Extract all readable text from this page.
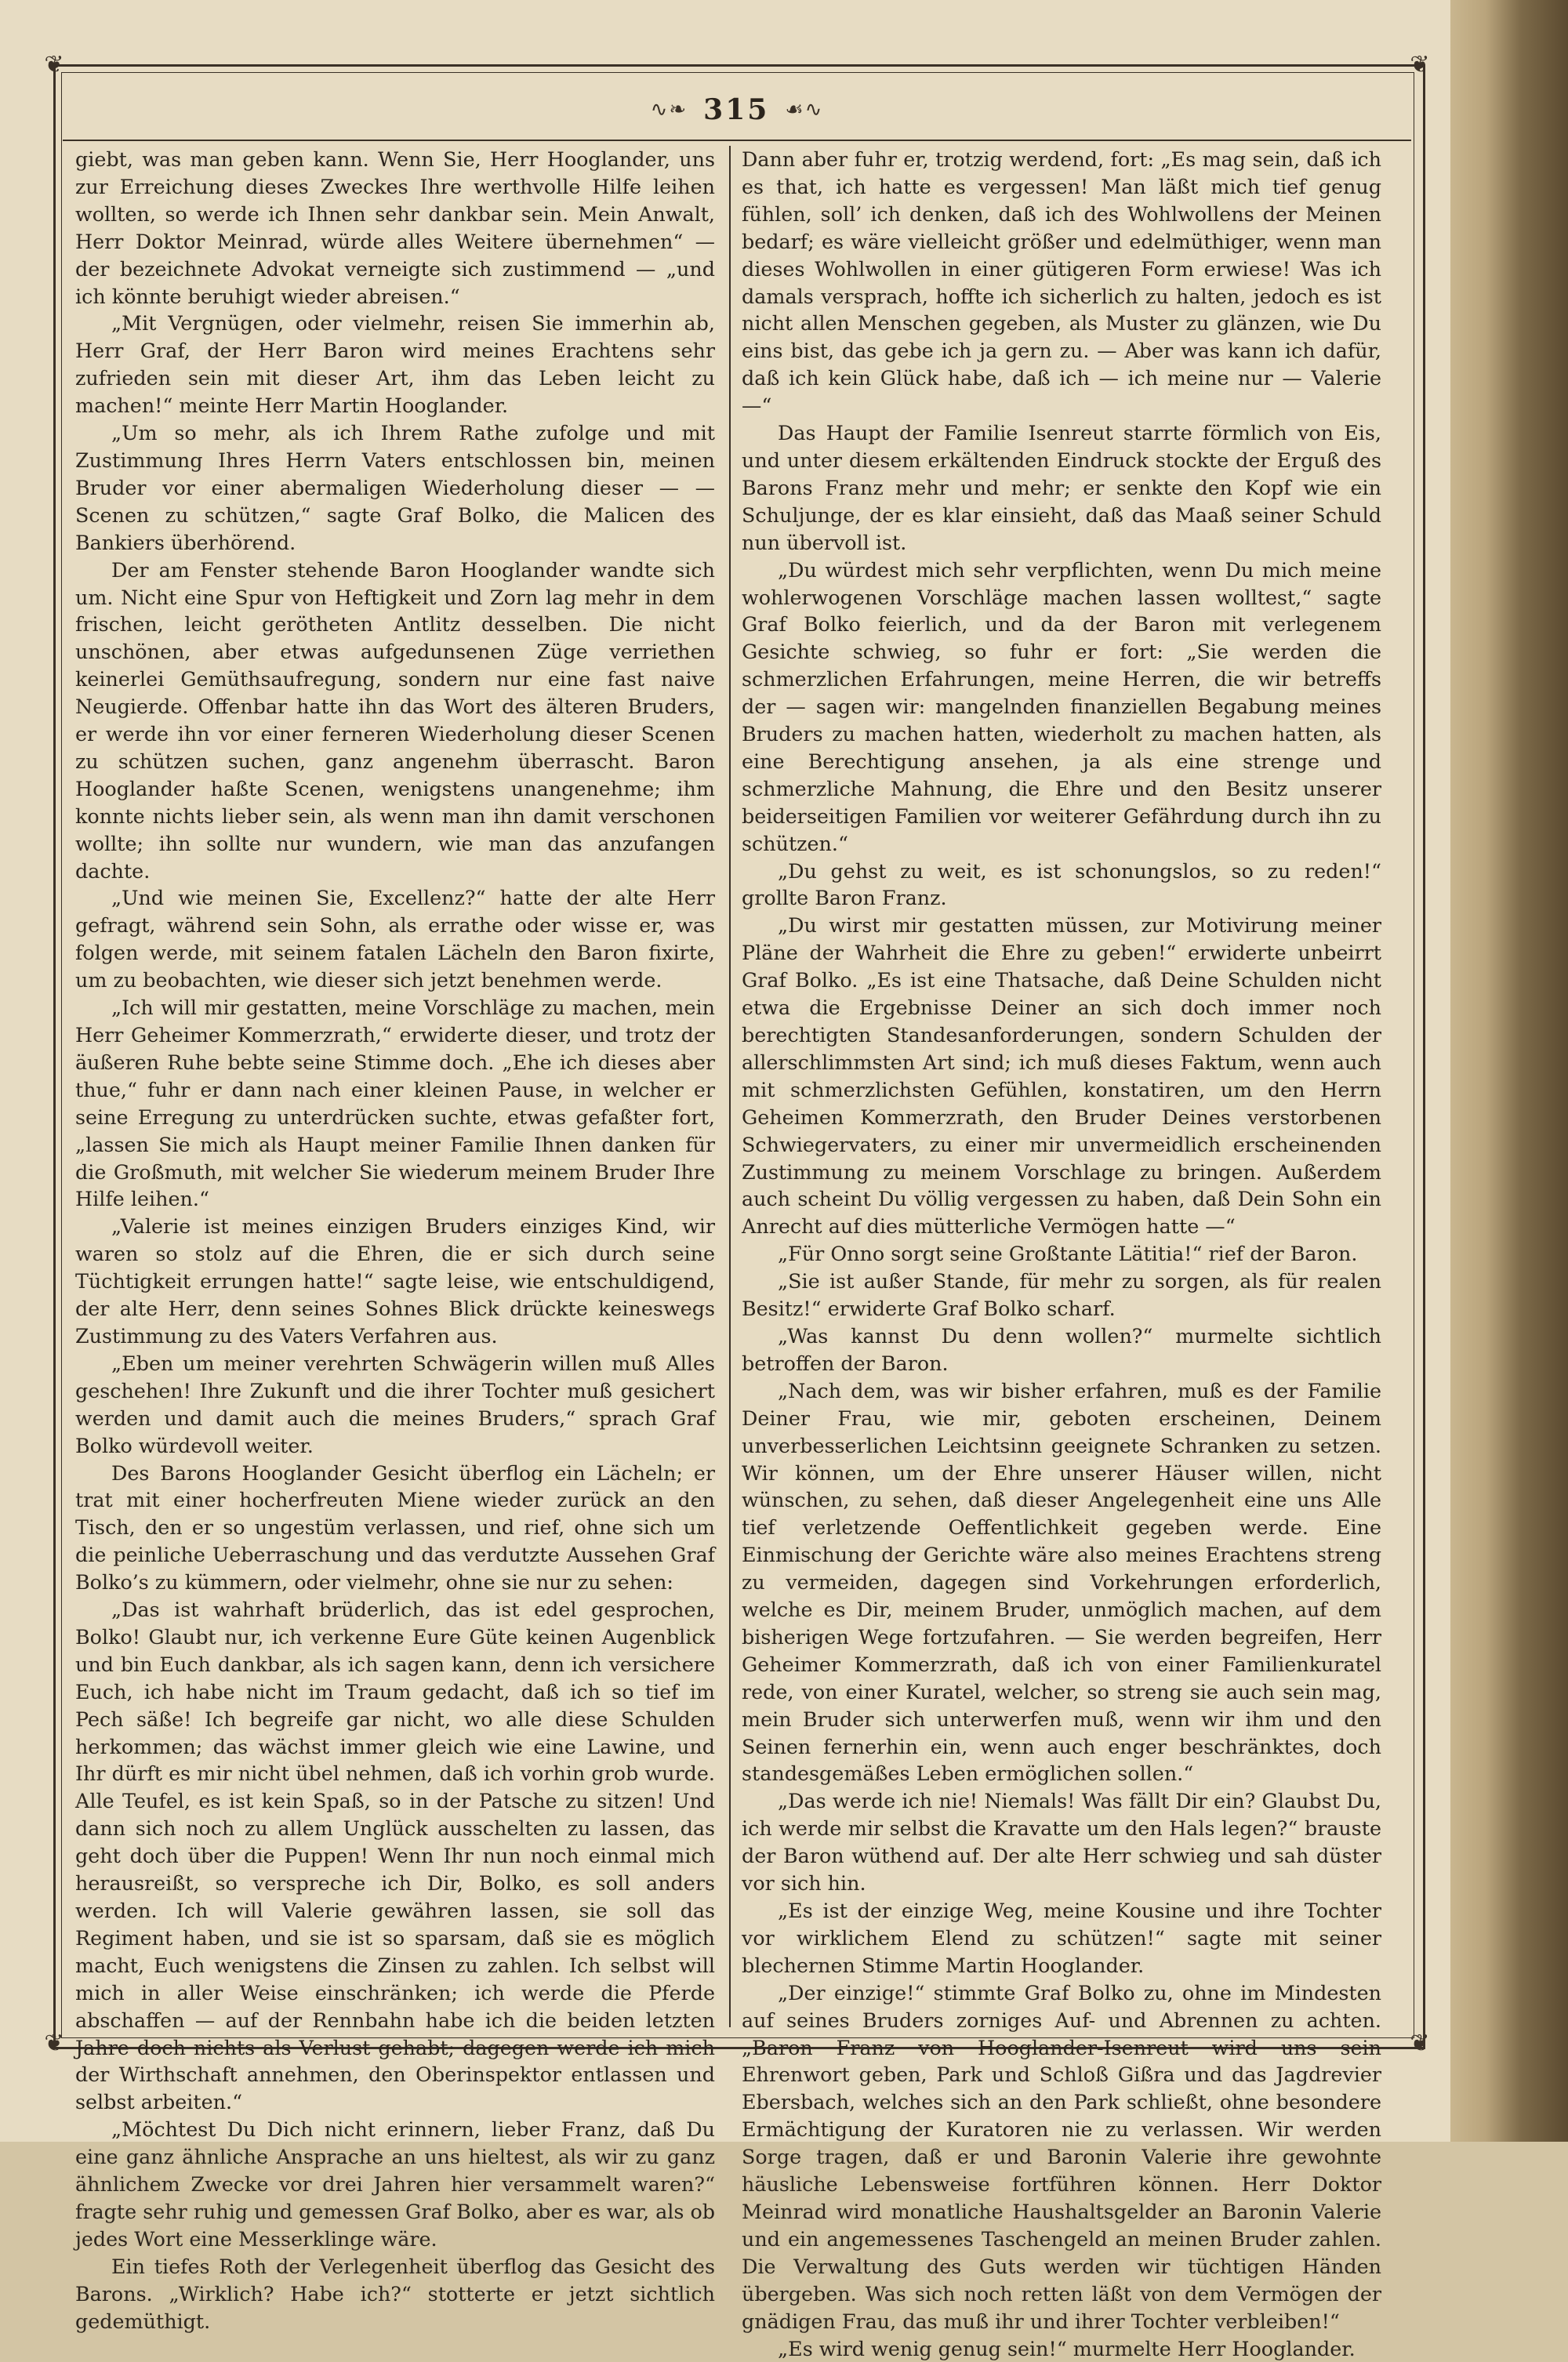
❦	❦
❦	❦
∿❧ 315 ☙∿

giebt, was man geben kann. Wenn Sie, Herr Hooglander, uns zur Erreichung dieses Zweckes Ihre werthvolle Hilfe leihen wollten, so werde ich Ihnen sehr dankbar sein. Mein Anwalt, Herr Doktor Meinrad, würde alles Weitere übernehmen“ — der bezeichnete Advokat verneigte sich zustimmend — „und ich könnte beruhigt wieder abreisen.“

„Mit Vergnügen, oder vielmehr, reisen Sie immerhin ab, Herr Graf, der Herr Baron wird meines Erachtens sehr zufrieden sein mit dieser Art, ihm das Leben leicht zu machen!“ meinte Herr Martin Hooglander.

„Um so mehr, als ich Ihrem Rathe zufolge und mit Zustimmung Ihres Herrn Vaters entschlossen bin, meinen Bruder vor einer abermaligen Wiederholung dieser — — Scenen zu schützen,“ sagte Graf Bolko, die Malicen des Bankiers überhörend.

Der am Fenster stehende Baron Hooglander wandte sich um. Nicht eine Spur von Heftigkeit und Zorn lag mehr in dem frischen, leicht gerötheten Antlitz desselben. Die nicht unschönen, aber etwas aufgedunsenen Züge verriethen keinerlei Gemüthsaufregung, sondern nur eine fast naive Neugierde. Offenbar hatte ihn das Wort des älteren Bruders, er werde ihn vor einer ferneren Wiederholung dieser Scenen zu schützen suchen, ganz angenehm überrascht. Baron Hooglander haßte Scenen, wenigstens unangenehme; ihm konnte nichts lieber sein, als wenn man ihn damit verschonen wollte; ihn sollte nur wundern, wie man das anzufangen dachte.

„Und wie meinen Sie, Excellenz?“ hatte der alte Herr gefragt, während sein Sohn, als errathe oder wisse er, was folgen werde, mit seinem fatalen Lächeln den Baron fixirte, um zu beobachten, wie dieser sich jetzt benehmen werde.

„Ich will mir gestatten, meine Vorschläge zu machen, mein Herr Geheimer Kommerzrath,“ erwiderte dieser, und trotz der äußeren Ruhe bebte seine Stimme doch. „Ehe ich dieses aber thue,“ fuhr er dann nach einer kleinen Pause, in welcher er seine Erregung zu unterdrücken suchte, etwas gefaßter fort, „lassen Sie mich als Haupt meiner Familie Ihnen danken für die Großmuth, mit welcher Sie wiederum meinem Bruder Ihre Hilfe leihen.“

„Valerie ist meines einzigen Bruders einziges Kind, wir waren so stolz auf die Ehren, die er sich durch seine Tüchtigkeit errungen hatte!“ sagte leise, wie entschuldigend, der alte Herr, denn seines Sohnes Blick drückte keineswegs Zustimmung zu des Vaters Verfahren aus.

„Eben um meiner verehrten Schwägerin willen muß Alles geschehen! Ihre Zukunft und die ihrer Tochter muß gesichert werden und damit auch die meines Bruders,“ sprach Graf Bolko würdevoll weiter.

Des Barons Hooglander Gesicht überflog ein Lächeln; er trat mit einer hocherfreuten Miene wieder zurück an den Tisch, den er so ungestüm verlassen, und rief, ohne sich um die peinliche Ueberraschung und das verdutzte Aussehen Graf Bolko’s zu kümmern, oder vielmehr, ohne sie nur zu sehen:

„Das ist wahrhaft brüderlich, das ist edel gesprochen, Bolko! Glaubt nur, ich verkenne Eure Güte keinen Augenblick und bin Euch dankbar, als ich sagen kann, denn ich versichere Euch, ich habe nicht im Traum gedacht, daß ich so tief im Pech säße! Ich begreife gar nicht, wo alle diese Schulden herkommen; das wächst immer gleich wie eine Lawine, und Ihr dürft es mir nicht übel nehmen, daß ich vorhin grob wurde. Alle Teufel, es ist kein Spaß, so in der Patsche zu sitzen! Und dann sich noch zu allem Unglück ausschelten zu lassen, das geht doch über die Puppen! Wenn Ihr nun noch einmal mich herausreißt, so verspreche ich Dir, Bolko, es soll anders werden. Ich will Valerie gewähren lassen, sie soll das Regiment haben, und sie ist so sparsam, daß sie es möglich macht, Euch wenigstens die Zinsen zu zahlen. Ich selbst will mich in aller Weise einschränken; ich werde die Pferde abschaffen — auf der Rennbahn habe ich die beiden letzten Jahre doch nichts als Verlust gehabt; dagegen werde ich mich der Wirthschaft annehmen, den Oberinspektor entlassen und selbst arbeiten.“

„Möchtest Du Dich nicht erinnern, lieber Franz, daß Du eine ganz ähnliche Ansprache an uns hieltest, als wir zu ganz ähnlichem Zwecke vor drei Jahren hier versammelt waren?“ fragte sehr ruhig und gemessen Graf Bolko, aber es war, als ob jedes Wort eine Messerklinge wäre.

Ein tiefes Roth der Verlegenheit überflog das Gesicht des Barons. „Wirklich? Habe ich?“ stotterte er jetzt sichtlich gedemüthigt.

Dann aber fuhr er, trotzig werdend, fort: „Es mag sein, daß ich es that, ich hatte es vergessen! Man läßt mich tief genug fühlen, soll’ ich denken, daß ich des Wohlwollens der Meinen bedarf; es wäre vielleicht größer und edelmüthiger, wenn man dieses Wohlwollen in einer gütigeren Form erwiese! Was ich damals versprach, hoffte ich sicherlich zu halten, jedoch es ist nicht allen Menschen gegeben, als Muster zu glänzen, wie Du eins bist, das gebe ich ja gern zu. — Aber was kann ich dafür, daß ich kein Glück habe, daß ich — ich meine nur — Valerie —“

Das Haupt der Familie Isenreut starrte förmlich von Eis, und unter diesem erkältenden Eindruck stockte der Erguß des Barons Franz mehr und mehr; er senkte den Kopf wie ein Schuljunge, der es klar einsieht, daß das Maaß seiner Schuld nun übervoll ist.

„Du würdest mich sehr verpflichten, wenn Du mich meine wohlerwogenen Vorschläge machen lassen wolltest,“ sagte Graf Bolko feierlich, und da der Baron mit verlegenem Gesichte schwieg, so fuhr er fort: „Sie werden die schmerzlichen Erfahrungen, meine Herren, die wir betreffs der — sagen wir: mangelnden finanziellen Begabung meines Bruders zu machen hatten, wiederholt zu machen hatten, als eine Berechtigung ansehen, ja als eine strenge und schmerzliche Mahnung, die Ehre und den Besitz unserer beiderseitigen Familien vor weiterer Gefährdung durch ihn zu schützen.“

„Du gehst zu weit, es ist schonungslos, so zu reden!“ grollte Baron Franz.

„Du wirst mir gestatten müssen, zur Motivirung meiner Pläne der Wahrheit die Ehre zu geben!“ erwiderte unbeirrt Graf Bolko. „Es ist eine Thatsache, daß Deine Schulden nicht etwa die Ergebnisse Deiner an sich doch immer noch berechtigten Standesanforderungen, sondern Schulden der allerschlimmsten Art sind; ich muß dieses Faktum, wenn auch mit schmerzlichsten Gefühlen, konstatiren, um den Herrn Geheimen Kommerzrath, den Bruder Deines verstorbenen Schwiegervaters, zu einer mir unvermeidlich erscheinenden Zustimmung zu meinem Vorschlage zu bringen. Außerdem auch scheint Du völlig vergessen zu haben, daß Dein Sohn ein Anrecht auf dies mütterliche Vermögen hatte —“

„Für Onno sorgt seine Großtante Lätitia!“ rief der Baron.

„Sie ist außer Stande, für mehr zu sorgen, als für realen Besitz!“ erwiderte Graf Bolko scharf.

„Was kannst Du denn wollen?“ murmelte sichtlich betroffen der Baron.

„Nach dem, was wir bisher erfahren, muß es der Familie Deiner Frau, wie mir, geboten erscheinen, Deinem unverbesserlichen Leichtsinn geeignete Schranken zu setzen. Wir können, um der Ehre unserer Häuser willen, nicht wünschen, zu sehen, daß dieser Angelegenheit eine uns Alle tief verletzende Oeffentlichkeit gegeben werde. Eine Einmischung der Gerichte wäre also meines Erachtens streng zu vermeiden, dagegen sind Vorkehrungen erforderlich, welche es Dir, meinem Bruder, unmöglich machen, auf dem bisherigen Wege fortzufahren. — Sie werden begreifen, Herr Geheimer Kommerzrath, daß ich von einer Familienkuratel rede, von einer Kuratel, welcher, so streng sie auch sein mag, mein Bruder sich unterwerfen muß, wenn wir ihm und den Seinen fernerhin ein, wenn auch enger beschränktes, doch standesgemäßes Leben ermöglichen sollen.“

„Das werde ich nie! Niemals! Was fällt Dir ein? Glaubst Du, ich werde mir selbst die Kravatte um den Hals legen?“ brauste der Baron wüthend auf. Der alte Herr schwieg und sah düster vor sich hin.

„Es ist der einzige Weg, meine Kousine und ihre Tochter vor wirklichem Elend zu schützen!“ sagte mit seiner blechernen Stimme Martin Hooglander.

„Der einzige!“ stimmte Graf Bolko zu, ohne im Mindesten auf seines Bruders zorniges Auf- und Abrennen zu achten. „Baron Franz von Hooglander-Isenreut wird uns sein Ehrenwort geben, Park und Schloß Gißra und das Jagdrevier Ebersbach, welches sich an den Park schließt, ohne besondere Ermächtigung der Kuratoren nie zu verlassen. Wir werden Sorge tragen, daß er und Baronin Valerie ihre gewohnte häusliche Lebensweise fortführen können. Herr Doktor Meinrad wird monatliche Haushaltsgelder an Baronin Valerie und ein angemessenes Taschengeld an meinen Bruder zahlen. Die Verwaltung des Guts werden wir tüchtigen Händen übergeben. Was sich noch retten läßt von dem Vermögen der gnädigen Frau, das muß ihr und ihrer Tochter verbleiben!“

„Es wird wenig genug sein!“ murmelte Herr Hooglander.
